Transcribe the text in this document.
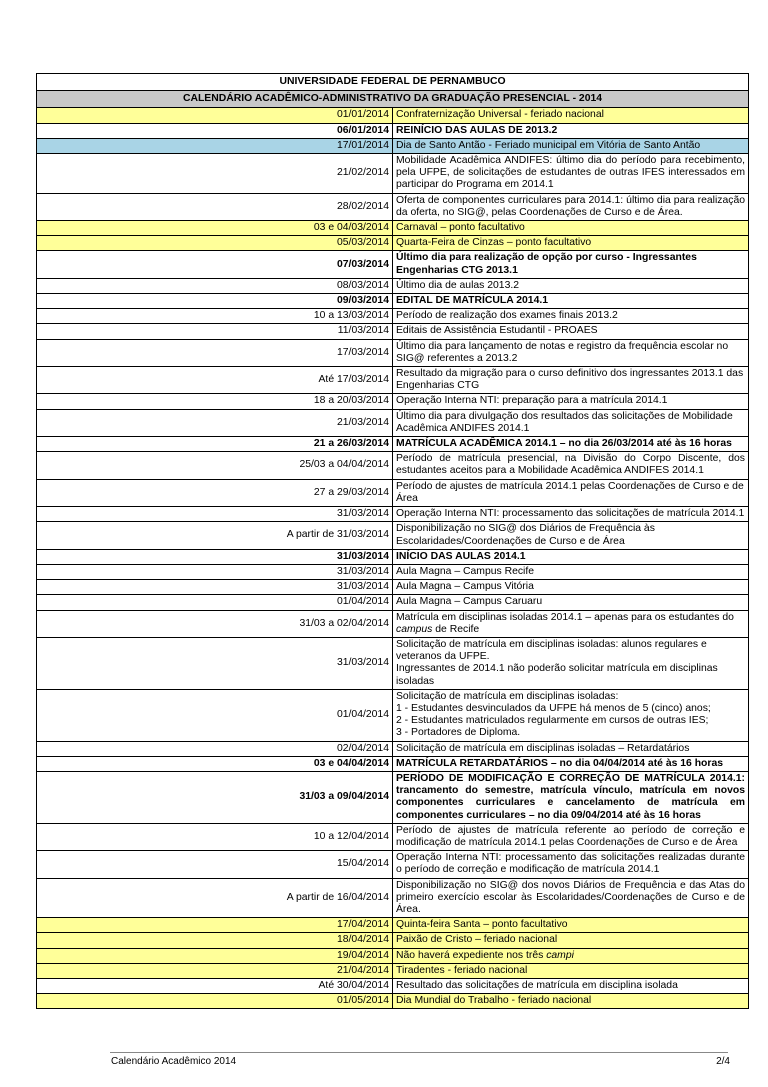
UNIVERSIDADE FEDERAL DE PERNAMBUCO	
CALENDÁRIO ACADÊMICO-ADMINISTRATIVO DA GRADUAÇÃO PRESENCIAL - 2014	
01/01/2014	Confraternização Universal - feriado nacional
06/01/2014	REINÍCIO DAS AULAS DE 2013.2
17/01/2014	Dia de Santo Antão - Feriado municipal em Vitória de Santo Antão
21/02/2014	Mobilidade Acadêmica ANDIFES: último dia do período para recebimento, pela UFPE, de solicitações de estudantes de outras IFES interessados em participar do Programa em 2014.1
28/02/2014	Oferta de componentes curriculares para 2014.1: último dia para realização da oferta, no SIG@, pelas Coordenações de Curso e de Área.
03 e 04/03/2014	Carnaval – ponto facultativo
05/03/2014	Quarta-Feira de Cinzas – ponto facultativo
07/03/2014	Último dia para realização de opção por curso - Ingressantes Engenharias CTG 2013.1
08/03/2014	Último dia de aulas 2013.2
09/03/2014	EDITAL DE MATRÍCULA 2014.1
10 a 13/03/2014	Período de realização dos exames finais 2013.2
11/03/2014	Editais de Assistência Estudantil - PROAES
17/03/2014	Último dia para lançamento de notas e registro da frequência escolar no SIG@ referentes a 2013.2
Até 17/03/2014	Resultado da migração para o curso definitivo dos ingressantes 2013.1 das Engenharias CTG
18 a 20/03/2014	Operação Interna NTI: preparação para a matrícula 2014.1
21/03/2014	Último dia para divulgação dos resultados das solicitações de Mobilidade Acadêmica ANDIFES 2014.1
21 a 26/03/2014	MATRÍCULA ACADÊMICA 2014.1 – no dia 26/03/2014 até às 16 horas
25/03 a 04/04/2014	Período de matrícula presencial, na Divisão do Corpo Discente, dos estudantes aceitos para a Mobilidade Acadêmica ANDIFES 2014.1
27 a 29/03/2014	Período de ajustes de matrícula 2014.1 pelas Coordenações de Curso e de Área
31/03/2014	Operação Interna NTI: processamento das solicitações de matrícula 2014.1
A partir de 31/03/2014	Disponibilização no SIG@ dos Diários de Frequência às Escolaridades/Coordenações de Curso e de Área
31/03/2014	INÍCIO DAS AULAS 2014.1
31/03/2014	Aula Magna – Campus Recife
31/03/2014	Aula Magna – Campus Vitória
01/04/2014	Aula Magna – Campus Caruaru
31/03 a 02/04/2014	Matrícula em disciplinas isoladas 2014.1 – apenas para os estudantes do campus de Recife
31/03/2014	Solicitação de matrícula em disciplinas isoladas: alunos regulares e veteranos da UFPE.
Ingressantes de 2014.1 não poderão solicitar matrícula em disciplinas isoladas
01/04/2014	Solicitação de matrícula em disciplinas isoladas:
1 - Estudantes desvinculados da UFPE há menos de 5 (cinco) anos;
2 - Estudantes matriculados regularmente em cursos de outras IES;
3 - Portadores de Diploma.
02/04/2014	Solicitação de matrícula em disciplinas isoladas – Retardatários
03 e 04/04/2014	MATRÍCULA RETARDATÁRIOS – no dia 04/04/2014 até às 16 horas
31/03 a 09/04/2014	PERÍODO DE MODIFICAÇÃO E CORREÇÃO DE MATRÍCULA 2014.1: trancamento do semestre, matrícula vínculo, matrícula em novos componentes curriculares e cancelamento de matrícula em componentes curriculares – no dia 09/04/2014 até às 16 horas
10 a 12/04/2014	Período de ajustes de matrícula referente ao período de correção e modificação de matrícula 2014.1 pelas Coordenações de Curso e de Área
15/04/2014	Operação Interna NTI: processamento das solicitações realizadas durante o período de correção e modificação de matrícula 2014.1
A partir de 16/04/2014	Disponibilização no SIG@ dos novos Diários de Frequência e das Atas do primeiro exercício escolar às Escolaridades/Coordenações de Curso e de Área.
17/04/2014	Quinta-feira Santa – ponto facultativo
18/04/2014	Paixão de Cristo – feriado nacional
19/04/2014	Não haverá expediente nos três campi
21/04/2014	Tiradentes - feriado nacional
Até 30/04/2014	Resultado das solicitações de matrícula em disciplina isolada
01/05/2014	Dia Mundial do Trabalho - feriado nacional
Calendário Acadêmico 2014	2/4
